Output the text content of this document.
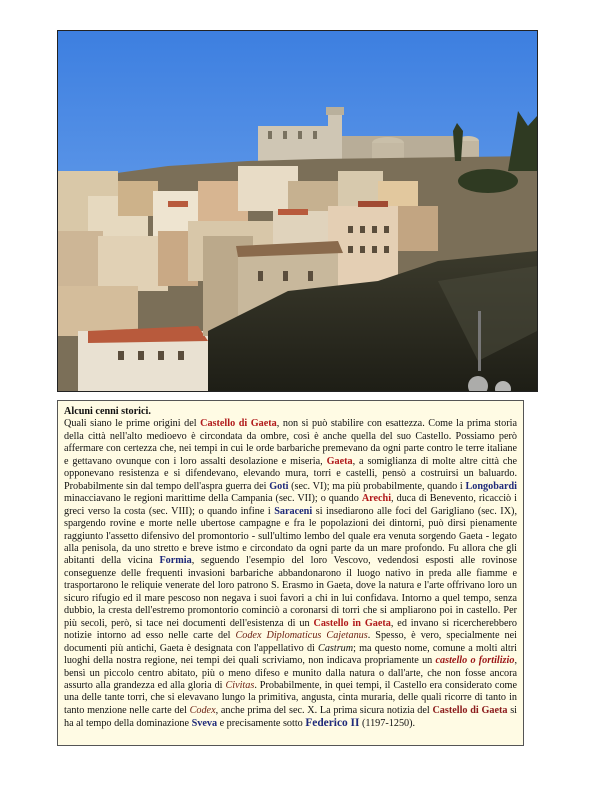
Alcuni cenni storici.
Quali siano le prime origini del Castello di Gaeta, non si può stabilire con esattezza. Come la prima storia della città nell'alto medioevo è circondata da ombre, così è anche quella del suo Castello. Possiamo però affermare con certezza che, nei tempi in cui le orde barbariche premevano da ogni parte contro le terre italiane e gettavano ovunque con i loro assalti desolazione e miseria, Gaeta, a somiglianza di molte altre città che opponevano resistenza e si difendevano, elevando mura, torri e castelli, pensò a costruirsi un baluardo. Probabilmente sin dal tempo dell'aspra guerra dei Goti (sec. VI); ma più probabilmente, quando i Longobardi minacciavano le regioni marittime della Campania (sec. VII); o quando Arechi, duca di Benevento, ricacciò i greci verso la costa (sec. VIII); o quando infine i Saraceni si insediarono alle foci del Garigliano (sec. IX), spargendo rovine e morte nelle ubertose campagne e fra le popolazioni dei dintorni, può dirsi pienamente raggiunto l'assetto difensivo del promontorio - sull'ultimo lembo del quale era venuta sorgendo Gaeta - legato alla penisola, da uno stretto e breve istmo e circondato da ogni parte da un mare profondo. Fu allora che gli abitanti della vicina Formia, seguendo l'esempio del loro Vescovo, vedendosi esposti alle rovinose conseguenze delle frequenti invasioni barbariche abbandonarono il luogo nativo in preda alle fiamme e trasportarono le reliquie venerate del loro patrono S. Erasmo in Gaeta, dove la natura e l'arte offrivano loro un sicuro rifugio ed il mare pescoso non negava i suoi favori a chi in lui confidava. Intorno a quel tempo, senza dubbio, la cresta dell'estremo promontorio cominciò a coronarsi di torri che si ampliarono poi in castello. Per più secoli, però, si tace nei documenti dell'esistenza di un Castello in Gaeta, ed invano si ricercherebbero notizie intorno ad esso nelle carte del Codex Diplomaticus Cajetanus. Spesso, è vero, specialmente nei documenti più antichi, Gaeta è designata con l'appellativo di Castrum; ma questo nome, comune a molti altri luoghi della nostra regione, nei tempi dei quali scriviamo, non indicava propriamente un castello o fortilizio, bensì un piccolo centro abitato, più o meno difeso e munito dalla natura o dall'arte, che non fosse ancora assurto alla grandezza ed alla gloria di Civitas. Probabilmente, in quei tempi, il Castello era considerato come una delle tante torri, che si elevavano lungo la primitiva, angusta, cinta muraria, delle quali ricorre di tanto in tanto menzione nelle carte del Codex, anche prima del sec. X. La prima sicura notizia del Castello di Gaeta si ha al tempo della dominazione Sveva e precisamente sotto Federico II (1197-1250).
